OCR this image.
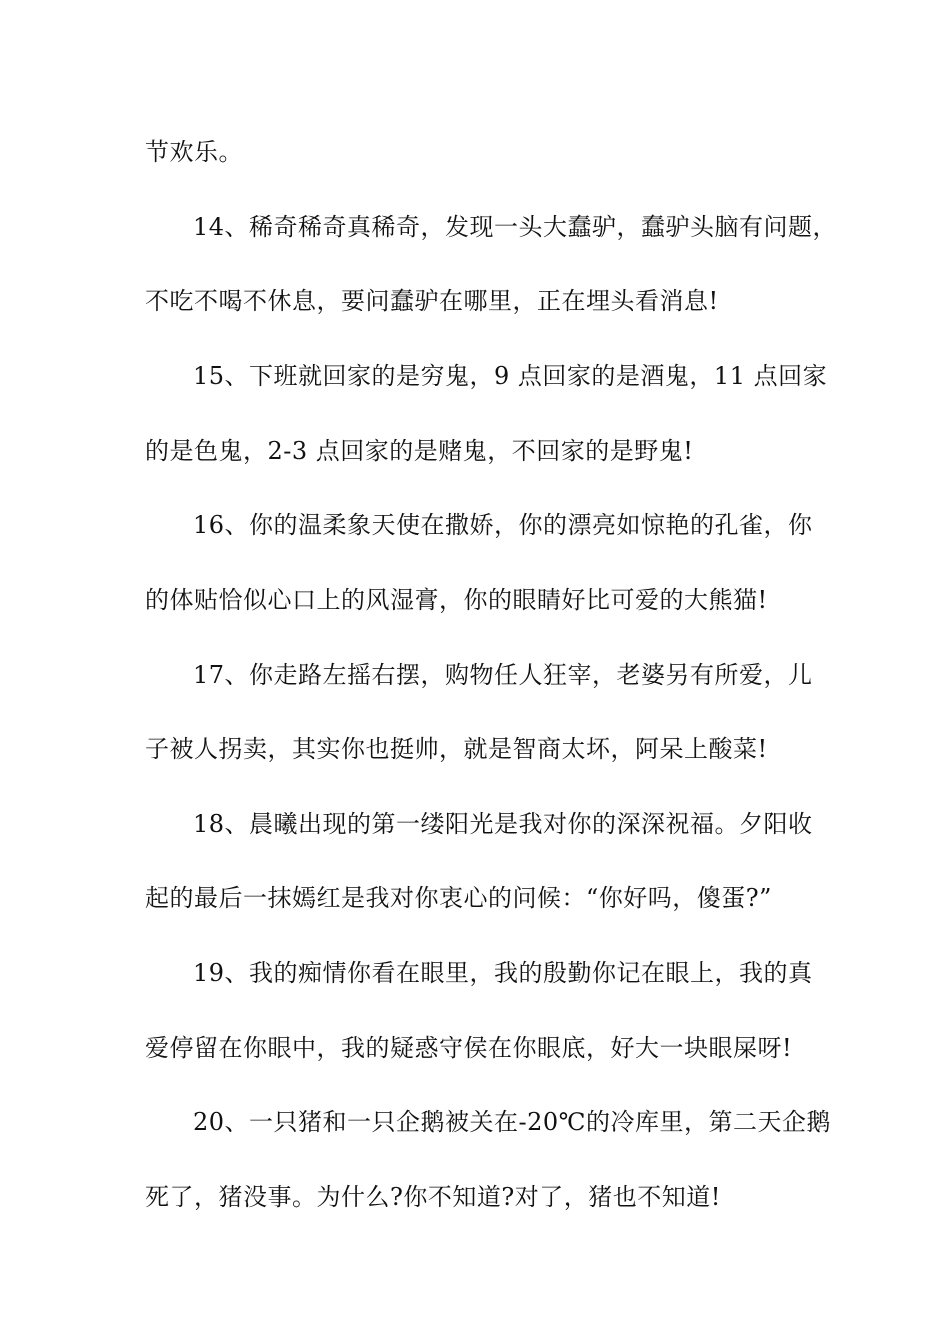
节欢乐。
14、稀奇稀奇真稀奇，发现一头大蠢驴，蠢驴头脑有问题，
不吃不喝不休息，要问蠢驴在哪里，正在埋头看消息!
15、下班就回家的是穷鬼，9 点回家的是酒鬼，11 点回家
的是色鬼，2-3 点回家的是赌鬼，不回家的是野鬼!
16、你的温柔象天使在撒娇，你的漂亮如惊艳的孔雀，你
的体贴恰似心口上的风湿膏，你的眼睛好比可爱的大熊猫!
17、你走路左摇右摆，购物任人狂宰，老婆另有所爱，儿
子被人拐卖，其实你也挺帅，就是智商太坏，阿呆上酸菜!
18、晨曦出现的第一缕阳光是我对你的深深祝福。夕阳收
起的最后一抹嫣红是我对你衷心的问候：“你好吗，傻蛋?”
19、我的痴情你看在眼里，我的殷勤你记在眼上，我的真
爱停留在你眼中，我的疑惑守侯在你眼底，好大一块眼屎呀!
20、一只猪和一只企鹅被关在-20℃的冷库里，第二天企鹅
死了，猪没事。为什么?你不知道?对了，猪也不知道!
